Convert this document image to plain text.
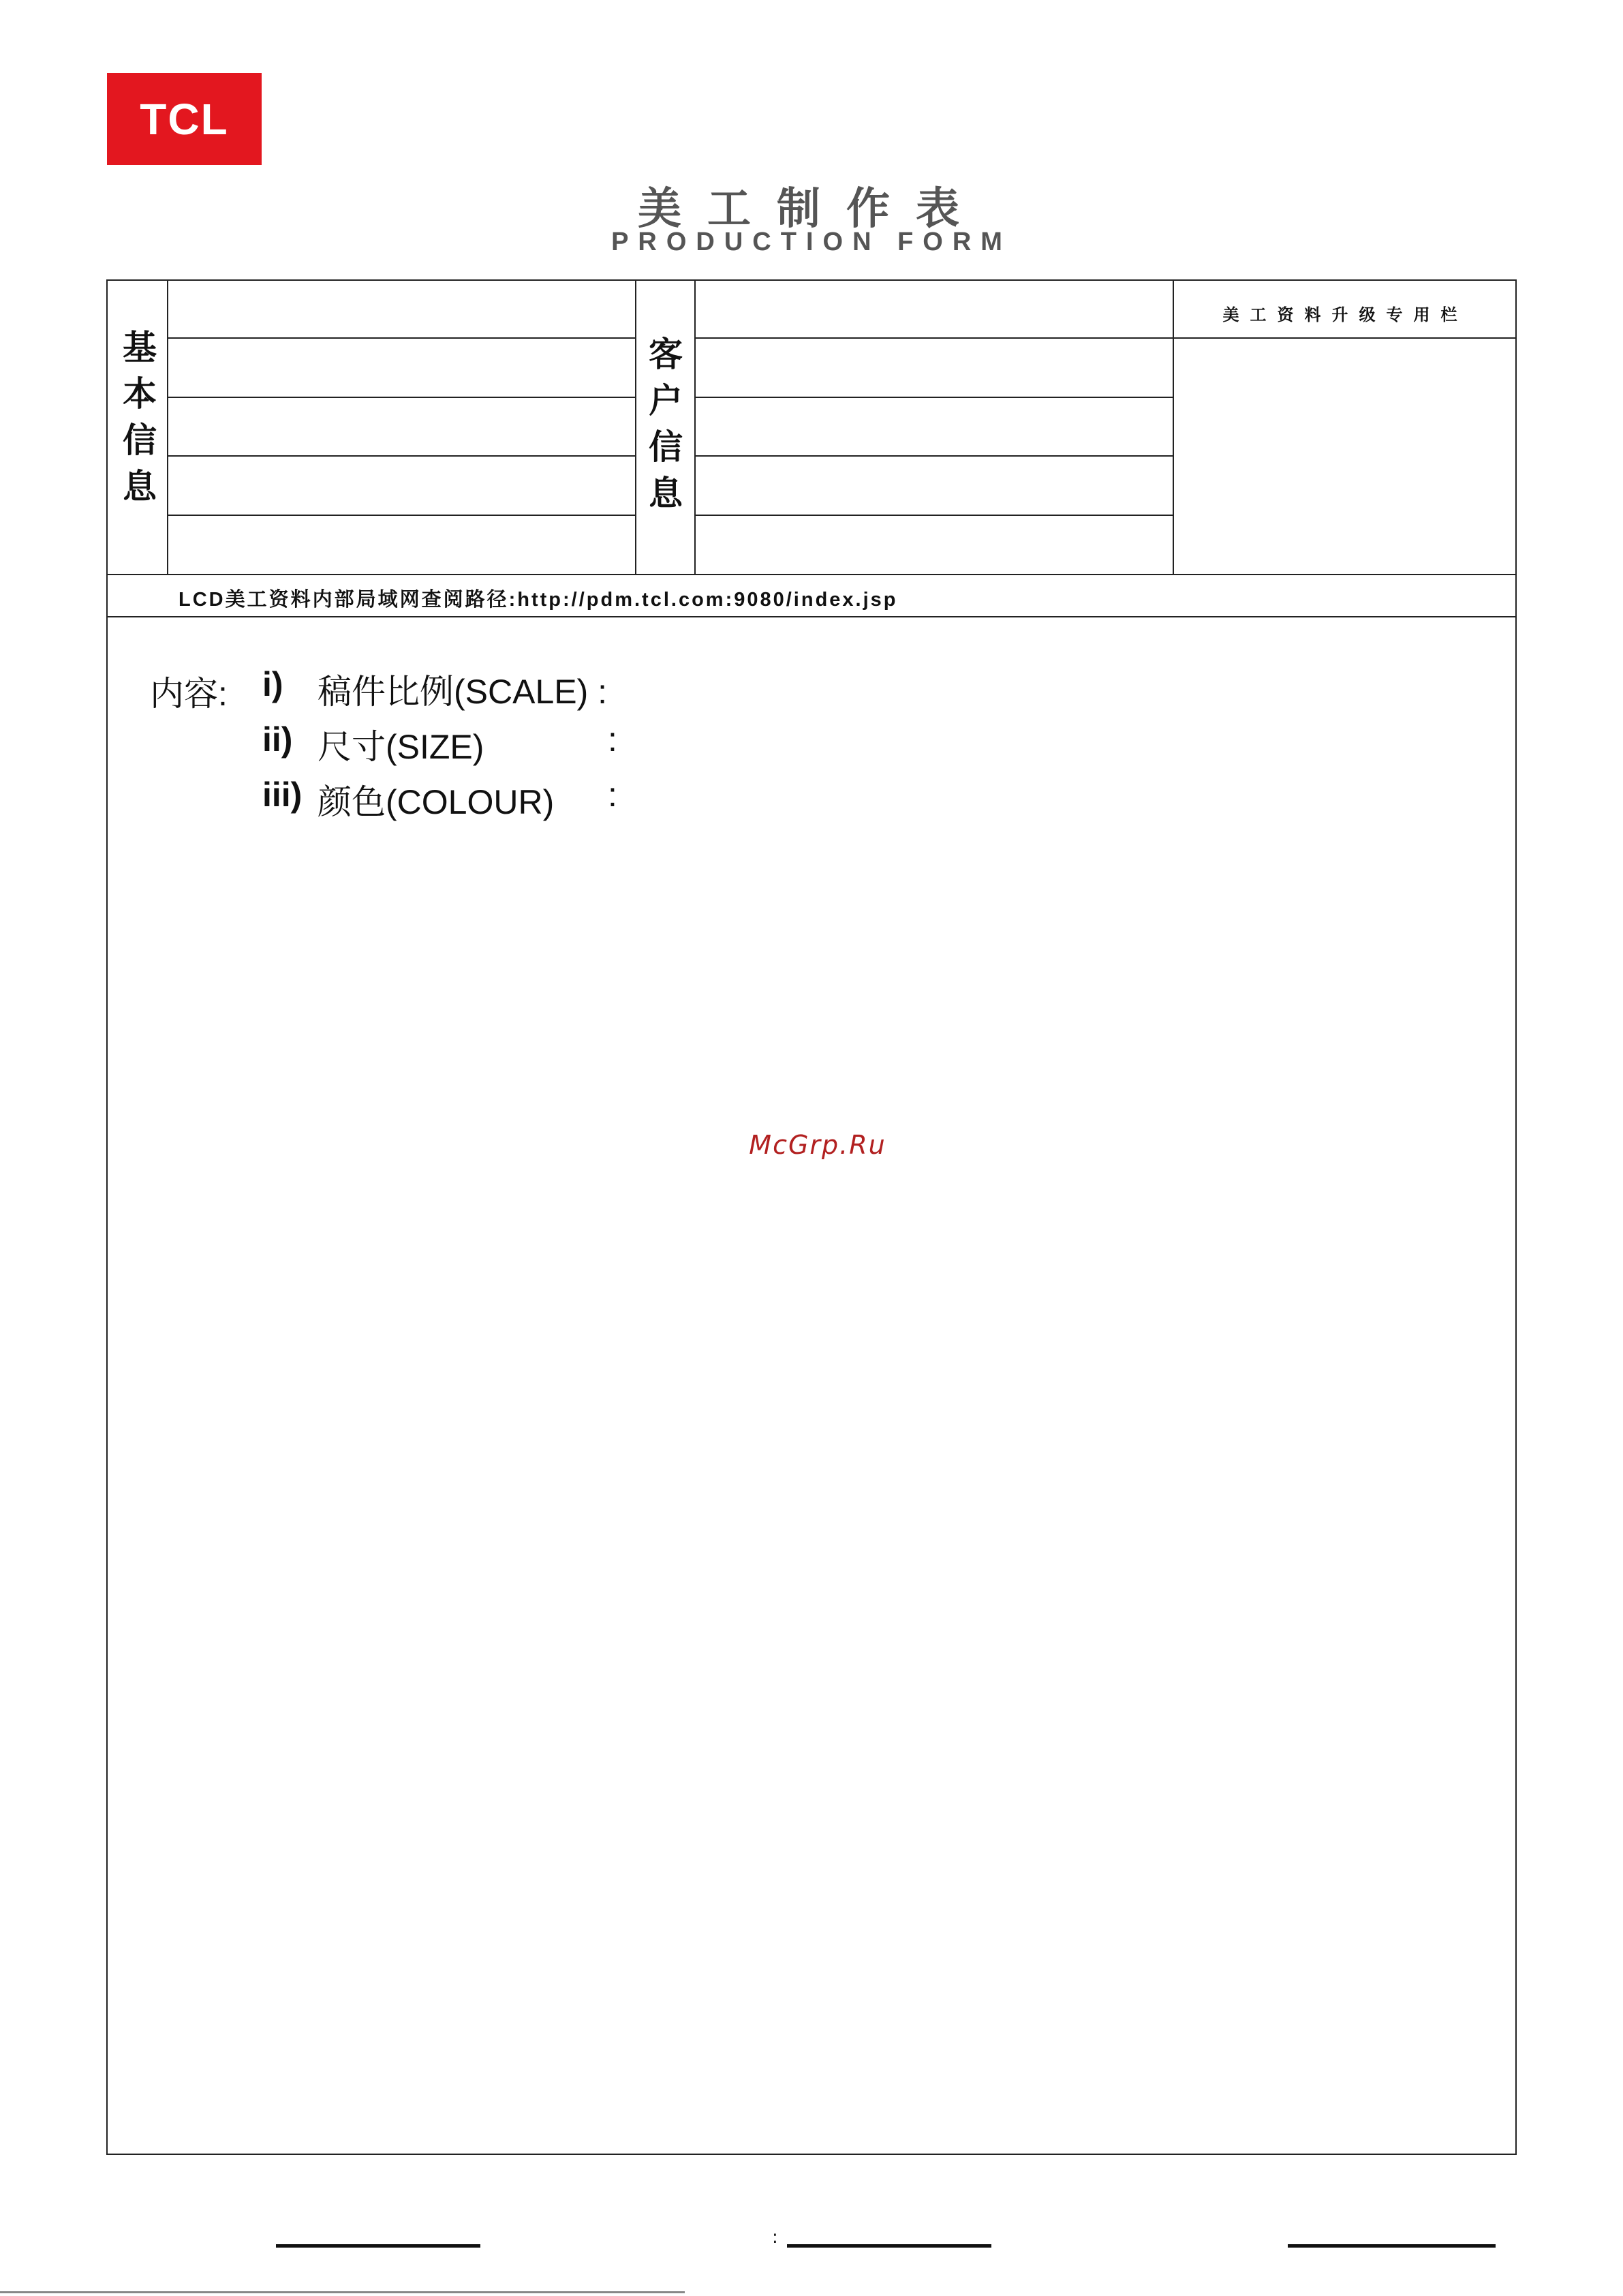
TCL
美工制作表
PRODUCTION FORM
基
本
信
息
客
户
信
息
美工资料升级专用栏
LCD美工资料内部局域网查阅路径:http://pdm.tcl.com:9080/index.jsp
内容: i) 稿件比例(SCALE) :
ii) 尺寸(SIZE)	:
iii) 颜色(COLOUR) :
McGrp.Ru
:
